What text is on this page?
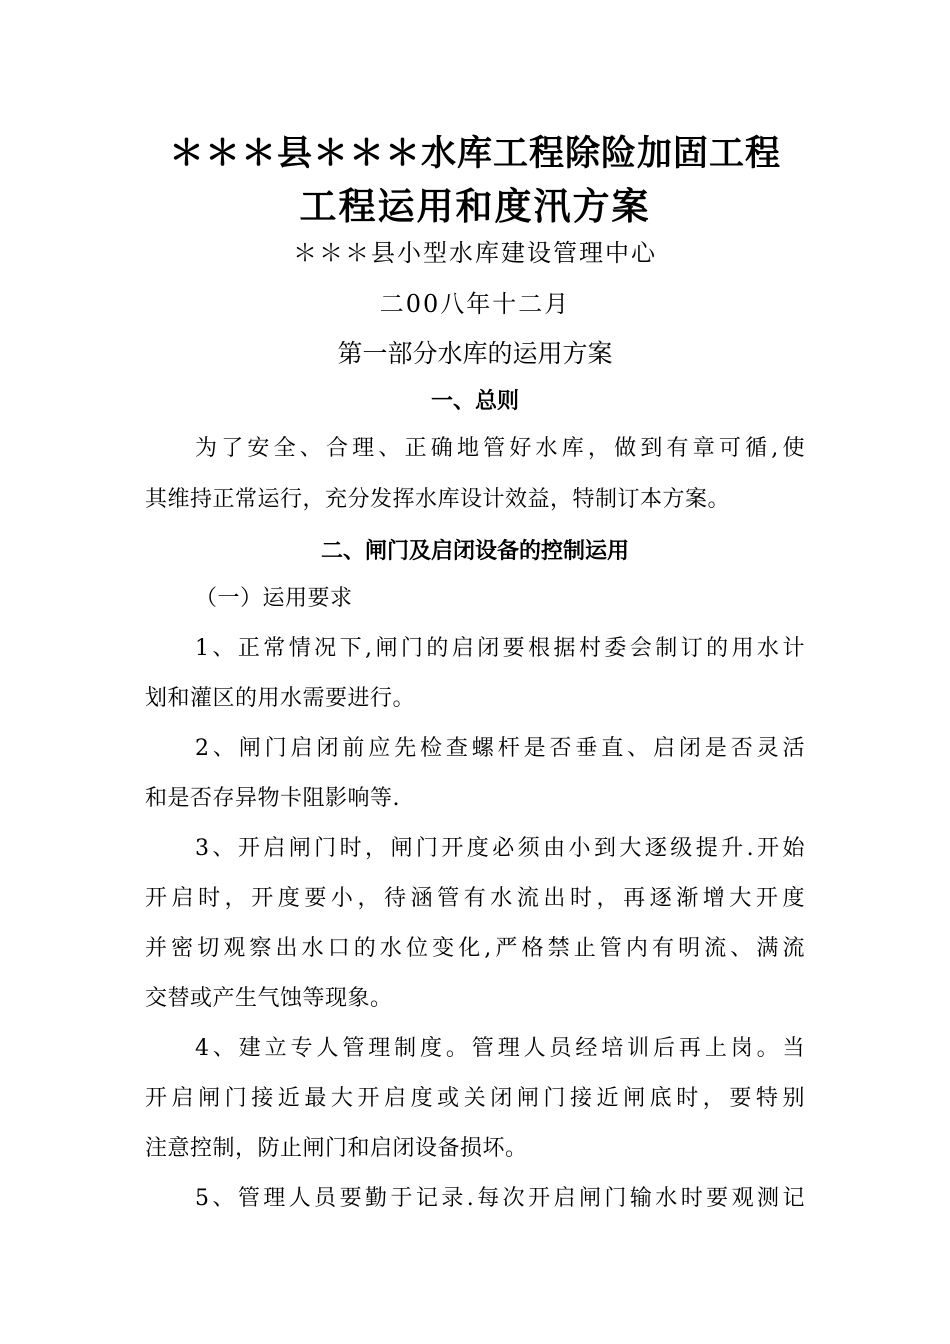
＊＊＊县＊＊＊水库工程除险加固工程
工程运用和度汛方案
＊＊＊县小型水库建设管理中心
二00八年十二月
第一部分水库的运用方案
一、总则
为了安全、合理、正确地管好水库，做到有章可循,使
其维持正常运行，充分发挥水库设计效益，特制订本方案。
二、闸门及启闭设备的控制运用
（一）运用要求
1、正常情况下,闸门的启闭要根据村委会制订的用水计
划和灌区的用水需要进行。
2、闸门启闭前应先检查螺杆是否垂直、启闭是否灵活
和是否存异物卡阻影响等.
3、开启闸门时，闸门开度必须由小到大逐级提升.开始
开启时，开度要小，待涵管有水流出时，再逐渐增大开度
并密切观察出水口的水位变化,严格禁止管内有明流、满流
交替或产生气蚀等现象。
4、建立专人管理制度。管理人员经培训后再上岗。当
开启闸门接近最大开启度或关闭闸门接近闸底时，要特别
注意控制，防止闸门和启闭设备损坏。
5、管理人员要勤于记录.每次开启闸门输水时要观测记
